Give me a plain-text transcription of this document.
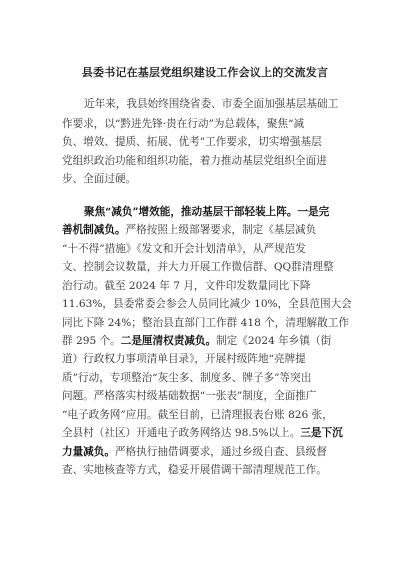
县委书记在基层党组织建设工作会议上的交流发言
近年来，我县始终围绕省委、市委全面加强基层基础工
作要求，以“黔进先锋·贵在行动”为总载体，聚焦“减
负、增效、提质、拓展、优考”工作要求，切实增强基层
党组织政治功能和组织功能，着力推动基层党组织全面进
步、全面过硬。
聚焦“减负”增效能，推动基层干部轻装上阵。一是完
善机制减负。严格按照上级部署要求，制定《基层减负
“十不得”措施》《发文和开会计划清单》，从严规范发
文、控制会议数量，并大力开展工作微信群、QQ群清理整
治行动。截至 2024 年 7 月，文件印发数量同比下降
11.63%，县委常委会参会人员同比减少 10%，全县范围大会
同比下降 24%；整治县直部门工作群 418 个，清理解散工作
群 295 个。二是厘清权责减负。制定《2024 年乡镇（街
道）行政权力事项清单目录》，开展村级阵地“亮牌提
质”行动，专项整治“灰尘多、制度多、牌子多”等突出
问题。严格落实村级基础数据“一张表”制度，全面推广
“电子政务网”应用。截至目前，已清理报表台账 826 张，
全县村（社区）开通电子政务网络达 98.5%以上。三是下沉
力量减负。严格执行抽借调要求，通过乡级自查、县级督
查、实地核查等方式，稳妥开展借调干部清理规范工作。
